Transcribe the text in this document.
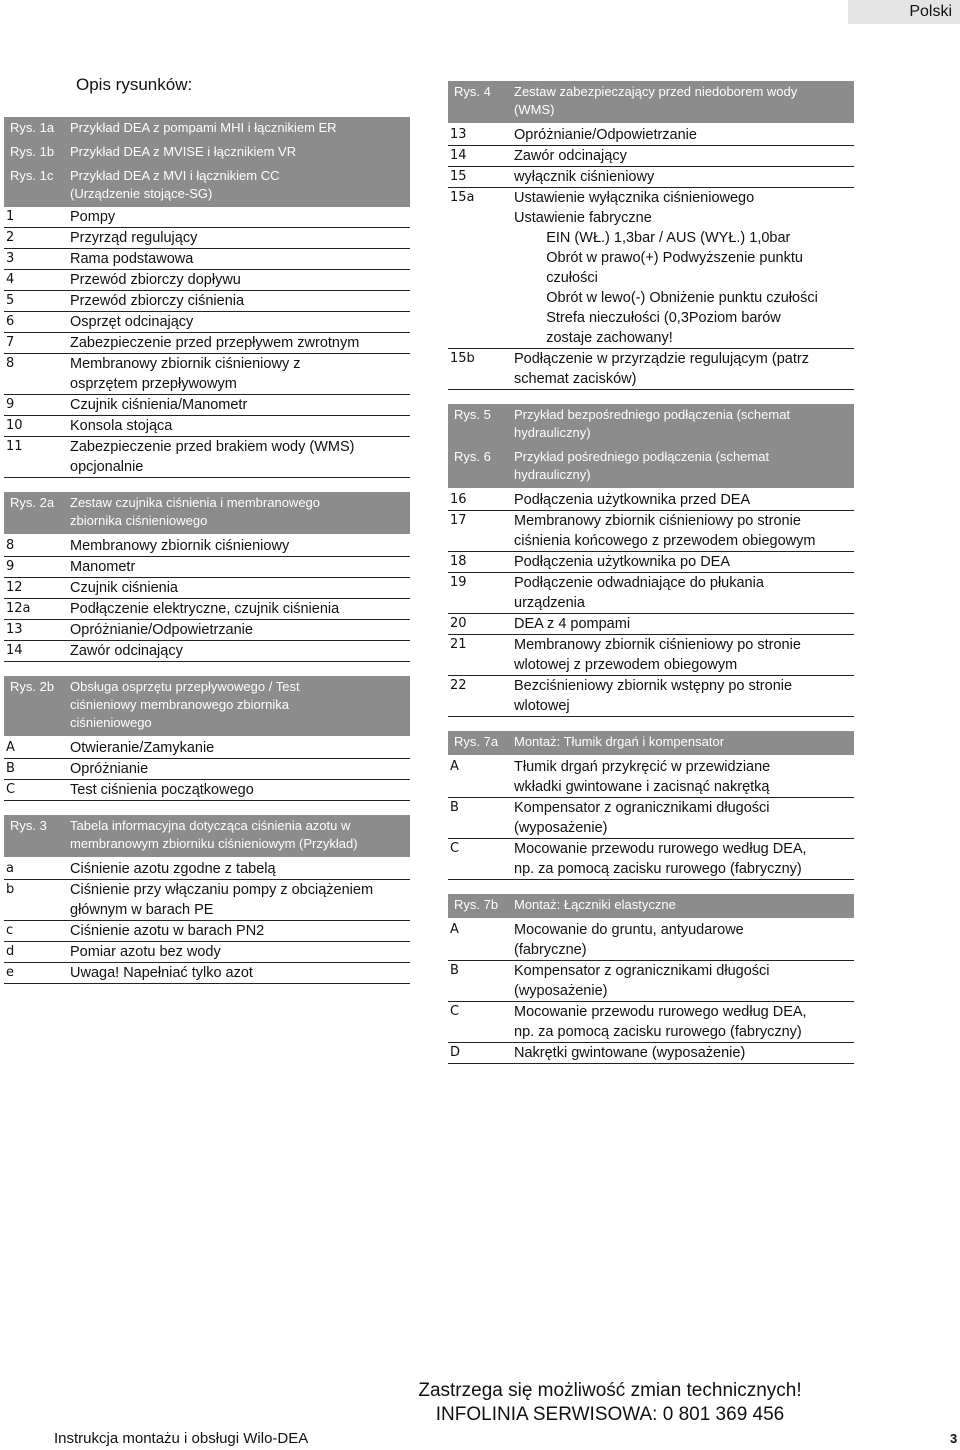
Polski
Opis rysunków:
Rys. 1a Przykład DEA z pompami MHI i łącznikiem ER
Rys. 1b Przykład DEA z MVISE i łącznikiem VR
Rys. 1c Przykład DEA z MVI i łącznikiem CC
(Urządzenie stojące-SG)
1	Pompy
2	Przyrząd regulujący
3	Rama podstawowa
4	Przewód zbiorczy dopływu
5	Przewód zbiorczy ciśnienia
6	Osprzęt odcinający
7	Zabezpieczenie przed przepływem zwrotnym
8	Membranowy zbiornik ciśnieniowy z
osprzętem przepływowym
9	Czujnik ciśnienia/Manometr
10	Konsola stojąca
11	Zabezpieczenie przed brakiem wody (WMS)
opcjonalnie
Rys. 2a Zestaw czujnika ciśnienia i membranowego
zbiornika ciśnieniowego
8	Membranowy zbiornik ciśnieniowy
9	Manometr
12	Czujnik ciśnienia
12a	Podłączenie elektryczne, czujnik ciśnienia
13	Opróżnianie/Odpowietrzanie
14	Zawór odcinający
Rys. 2b Obsługa osprzętu przepływowego / Test
ciśnieniowy membranowego zbiornika
ciśnieniowego
A	Otwieranie/Zamykanie
B	Opróżnianie
C	Test ciśnienia początkowego
Rys. 3 Tabela informacyjna dotycząca ciśnienia azotu w
membranowym zbiorniku ciśnieniowym (Przykład)
a	Ciśnienie azotu zgodne z tabelą
b	Ciśnienie przy włączaniu pompy z obciążeniem
głównym w barach PE
c	Ciśnienie azotu w barach PN2
d	Pomiar azotu bez wody
e	Uwaga! Napełniać tylko azot
Rys. 4 Zestaw zabezpieczający przed niedoborem wody
(WMS)
13	Opróżnianie/Odpowietrzanie
14	Zawór odcinający
15	wyłącznik ciśnieniowy
15a	Ustawienie wyłącznika ciśnieniowego
Ustawienie fabryczne
EIN (WŁ.) 1,3bar / AUS (WYŁ.) 1,0bar
Obrót w prawo(+) Podwyższenie punktu
czułości
Obrót w lewo(-) Obniżenie punktu czułości
Strefa nieczułości (0,3Poziom barów
zostaje zachowany!
15b	Podłączenie w przyrządzie regulującym (patrz
schemat zacisków)
Rys. 5 Przykład bezpośredniego podłączenia (schemat
hydrauliczny)
Rys. 6 Przykład pośredniego podłączenia (schemat
hydrauliczny)
16	Podłączenia użytkownika przed DEA
17	Membranowy zbiornik ciśnieniowy po stronie
ciśnienia końcowego z przewodem obiegowym
18	Podłączenia użytkownika po DEA
19	Podłączenie odwadniające do płukania
urządzenia
20	DEA z 4 pompami
21	Membranowy zbiornik ciśnieniowy po stronie
wlotowej z przewodem obiegowym
22	Bezciśnieniowy zbiornik wstępny po stronie
wlotowej
Rys. 7a Montaż: Tłumik drgań i kompensator
A	Tłumik drgań przykręcić w przewidziane
wkładki gwintowane i zacisnąć nakrętką
B	Kompensator z ogranicznikami długości
(wyposażenie)
C	Mocowanie przewodu rurowego według DEA,
np. za pomocą zacisku rurowego (fabryczny)
Rys. 7b Montaż: Łączniki elastyczne
A	Mocowanie do gruntu, antyudarowe
(fabryczne)
B	Kompensator z ogranicznikami długości
(wyposażenie)
C	Mocowanie przewodu rurowego według DEA,
np. za pomocą zacisku rurowego (fabryczny)
D	Nakrętki gwintowane (wyposażenie)
Zastrzega się możliwość zmian technicznych!
INFOLINIA SERWISOWA: 0 801 369 456
Instrukcja montażu i obsługi Wilo-DEA	3
